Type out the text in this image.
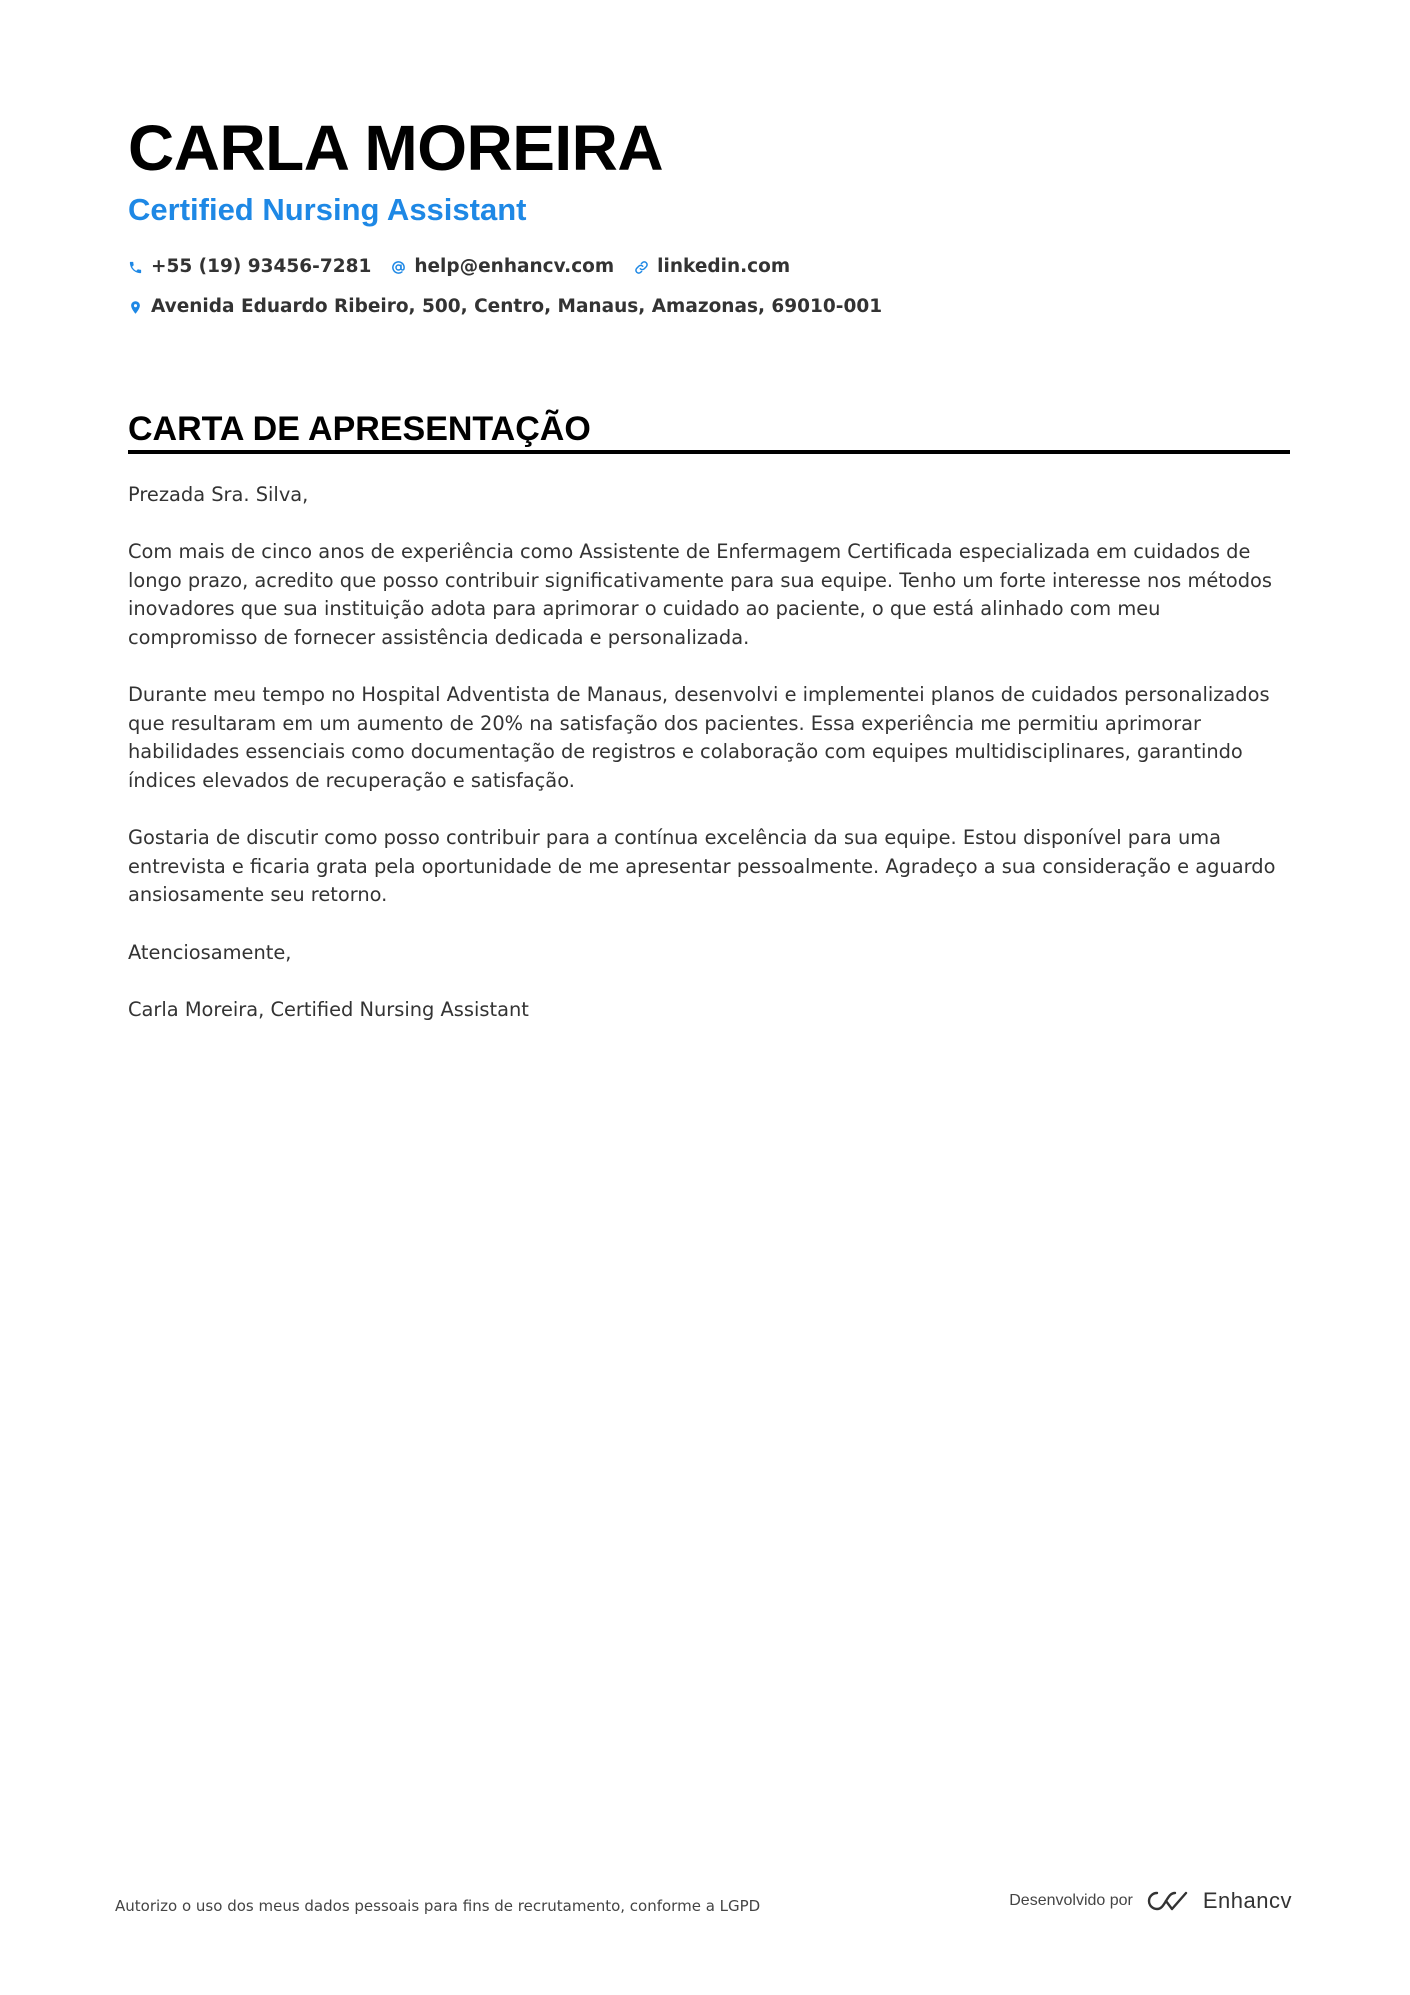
CARLA MOREIRA
Certified Nursing Assistant
+55 (19) 93456-7281 help@enhancv.com linkedin.com
Avenida Eduardo Ribeiro, 500, Centro, Manaus, Amazonas, 69010-001
CARTA DE APRESENTAÇÃO

Prezada Sra. Silva,

Com mais de cinco anos de experiência como Assistente de Enfermagem Certificada especializada em cuidados de longo prazo, acredito que posso contribuir significativamente para sua equipe. Tenho um forte interesse nos métodos inovadores que sua instituição adota para aprimorar o cuidado ao paciente, o que está alinhado com meu compromisso de fornecer assistência dedicada e personalizada.

Durante meu tempo no Hospital Adventista de Manaus, desenvolvi e implementei planos de cuidados personalizados que resultaram em um aumento de 20% na satisfação dos pacientes. Essa experiência me permitiu aprimorar habilidades essenciais como documentação de registros e colaboração com equipes multidisciplinares, garantindo índices elevados de recuperação e satisfação.

Gostaria de discutir como posso contribuir para a contínua excelência da sua equipe. Estou disponível para uma entrevista e ficaria grata pela oportunidade de me apresentar pessoalmente. Agradeço a sua consideração e aguardo ansiosamente seu retorno.

Atenciosamente,

Carla Moreira, Certified Nursing Assistant

Autorizo o uso dos meus dados pessoais para fins de recrutamento, conforme a LGPD	Desenvolvido por	Enhancv
